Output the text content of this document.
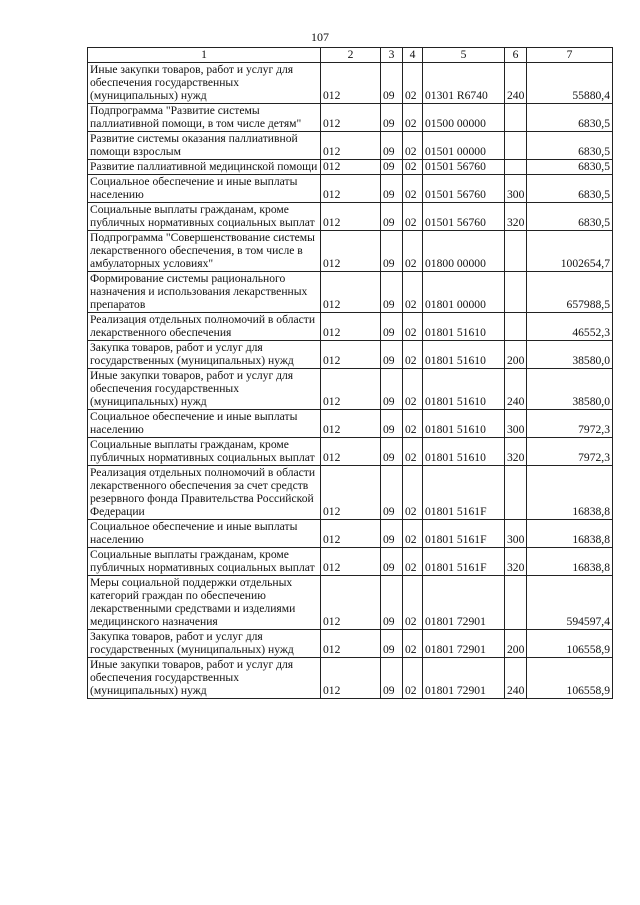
107
1	2	3	4	5	6	7
Иные закупки товаров, работ и услуг для обеспечения государственных (муниципальных) нужд	012	09	02	01301 R6740	240	55880,4
Подпрограмма "Развитие системы паллиативной помощи, в том числе детям"	012	09	02	01500 00000		6830,5
Развитие системы оказания паллиативной помощи взрослым	012	09	02	01501 00000		6830,5
Развитие паллиативной медицинской помощи	012	09	02	01501 56760		6830,5
Социальное обеспечение и иные выплаты населению	012	09	02	01501 56760	300	6830,5
Социальные выплаты гражданам, кроме публичных нормативных социальных выплат	012	09	02	01501 56760	320	6830,5
Подпрограмма "Совершенствование системы лекарственного обеспечения, в том числе в амбулаторных условиях"	012	09	02	01800 00000		1002654,7
Формирование системы рационального назначения и использования лекарственных препаратов	012	09	02	01801 00000		657988,5
Реализация отдельных полномочий в области лекарственного обеспечения	012	09	02	01801 51610		46552,3
Закупка товаров, работ и услуг для государственных (муниципальных) нужд	012	09	02	01801 51610	200	38580,0
Иные закупки товаров, работ и услуг для обеспечения государственных (муниципальных) нужд	012	09	02	01801 51610	240	38580,0
Социальное обеспечение и иные выплаты населению	012	09	02	01801 51610	300	7972,3
Социальные выплаты гражданам, кроме публичных нормативных социальных выплат	012	09	02	01801 51610	320	7972,3
Реализация отдельных полномочий в области лекарственного обеспечения за счет средств резервного фонда Правительства Российской Федерации	012	09	02	01801 5161F		16838,8
Социальное обеспечение и иные выплаты населению	012	09	02	01801 5161F	300	16838,8
Социальные выплаты гражданам, кроме публичных нормативных социальных выплат	012	09	02	01801 5161F	320	16838,8
Меры социальной поддержки отдельных категорий граждан по обеспечению лекарственными средствами и изделиями медицинского назначения	012	09	02	01801 72901		594597,4
Закупка товаров, работ и услуг для государственных (муниципальных) нужд	012	09	02	01801 72901	200	106558,9
Иные закупки товаров, работ и услуг для обеспечения государственных (муниципальных) нужд	012	09	02	01801 72901	240	106558,9
